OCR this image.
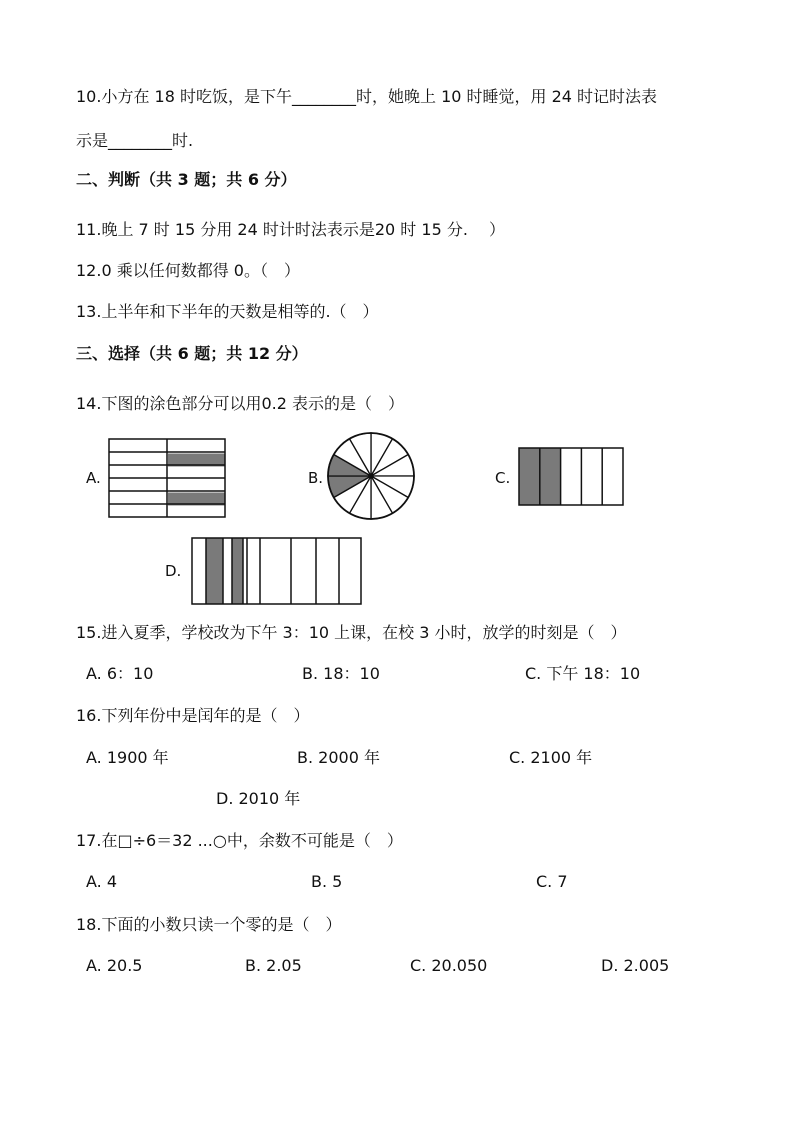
10.小方在 18 时吃饭，是下午________时，她晚上 10 时睡觉，用 24 时记时法表
示是________时.
二、判断（共 3 题；共 6 分）
11.晚上 7 时 15 分用 24 时计时法表示是20 时 15 分.　 ）
12.0 乘以任何数都得 0。（　）
13.上半年和下半年的天数是相等的.（　）
三、选择（共 6 题；共 12 分）
14.下图的涂色部分可以用0.2 表示的是（　）
A.	B.	C.
D.
15.进入夏季，学校改为下午 3：10 上课，在校 3 小时，放学的时刻是（　）
A. 6：10	B. 18：10	C. 下午 18：10
16.下列年份中是闰年的是（　）
A. 1900 年	B. 2000 年	C. 2100 年
D. 2010 年
17.在□÷6＝32 ...○中，余数不可能是（　）
A. 4	B. 5	C. 7
18.下面的小数只读一个零的是（　）
A. 20.5	B. 2.05	C. 20.050	D. 2.005
